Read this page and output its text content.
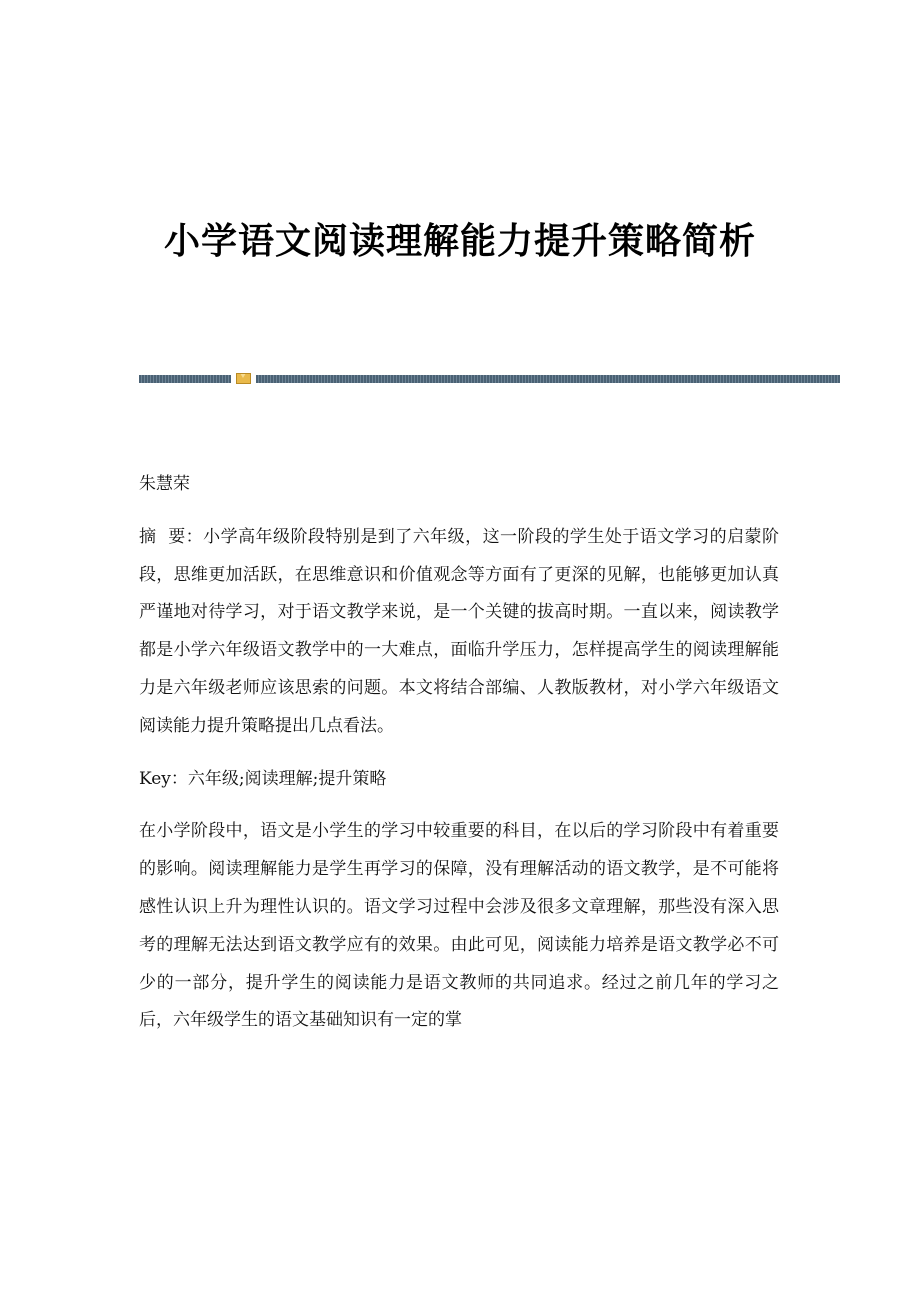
小学语文阅读理解能力提升策略简析

朱慧荣

摘  要：小学高年级阶段特别是到了六年级，这一阶段的学生处于语文学习的启蒙阶段，思维更加活跃，在思维意识和价值观念等方面有了更深的见解，也能够更加认真严谨地对待学习，对于语文教学来说，是一个关键的拔高时期。一直以来，阅读教学都是小学六年级语文教学中的一大难点，面临升学压力，怎样提高学生的阅读理解能力是六年级老师应该思索的问题。本文将结合部编、人教版教材，对小学六年级语文阅读能力提升策略提出几点看法。

Key：六年级;阅读理解;提升策略

在小学阶段中，语文是小学生的学习中较重要的科目，在以后的学习阶段中有着重要的影响。阅读理解能力是学生再学习的保障，没有理解活动的语文教学，是不可能将感性认识上升为理性认识的。语文学习过程中会涉及很多文章理解，那些没有深入思考的理解无法达到语文教学应有的效果。由此可见，阅读能力培养是语文教学必不可少的一部分，提升学生的阅读能力是语文教师的共同追求。经过之前几年的学习之后，六年级学生的语文基础知识有一定的掌
